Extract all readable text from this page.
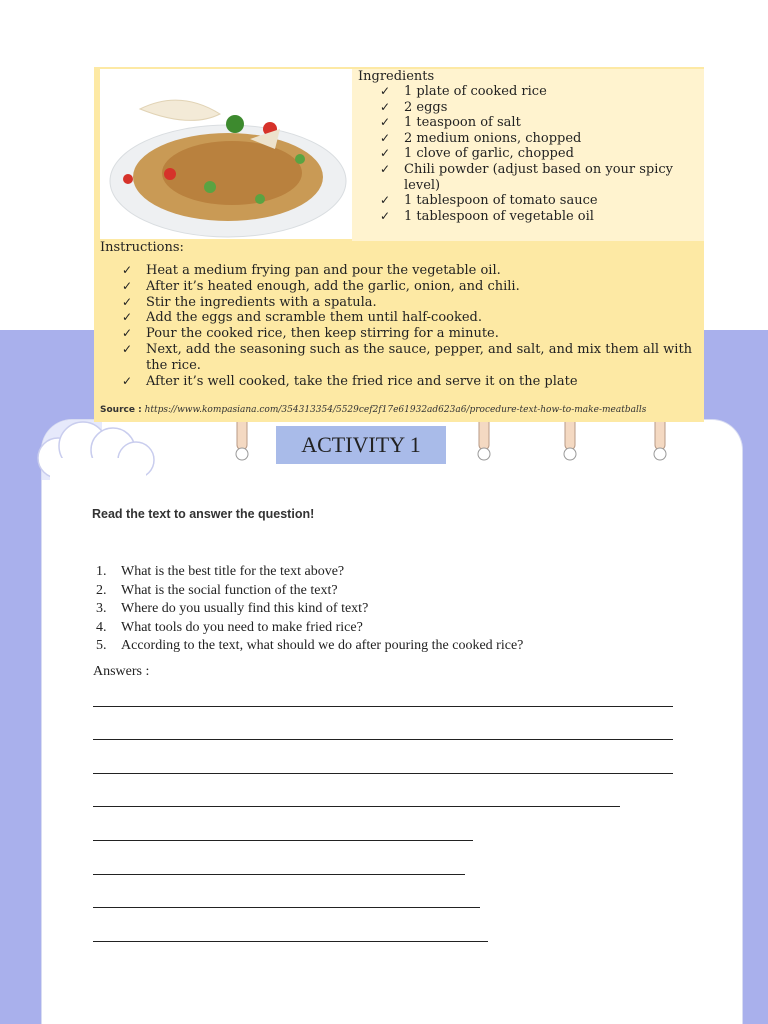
Ingredients
✓ 1 plate of cooked rice
✓ 2 eggs
✓ 1 teaspoon of salt
✓ 2 medium onions, chopped
✓ 1 clove of garlic, chopped
✓ Chili powder (adjust based on your spicy level)
✓ 1 tablespoon of tomato sauce
✓ 1 tablespoon of vegetable oil
Instructions:
✓ Heat a medium frying pan and pour the vegetable oil.
✓ After it’s heated enough, add the garlic, onion, and chili.
✓ Stir the ingredients with a spatula.
✓ Add the eggs and scramble them until half-cooked.
✓ Pour the cooked rice, then keep stirring for a minute.
✓ Next, add the seasoning such as the sauce, pepper, and salt, and mix them all with the rice.
✓ After it’s well cooked, take the fried rice and serve it on the plate
Source : https://www.kompasiana.com/354313354/5529cef2f17e61932ad623a6/procedure-text-how-to-make-meatballs
ACTIVITY 1
Read the text to answer the question!
1. What is the best title for the text above?
2. What is the social function of the text?
3. Where do you usually find this kind of text?
4. What tools do you need to make fried rice?
5. According to the text, what should we do after pouring the cooked rice?
Answers :
